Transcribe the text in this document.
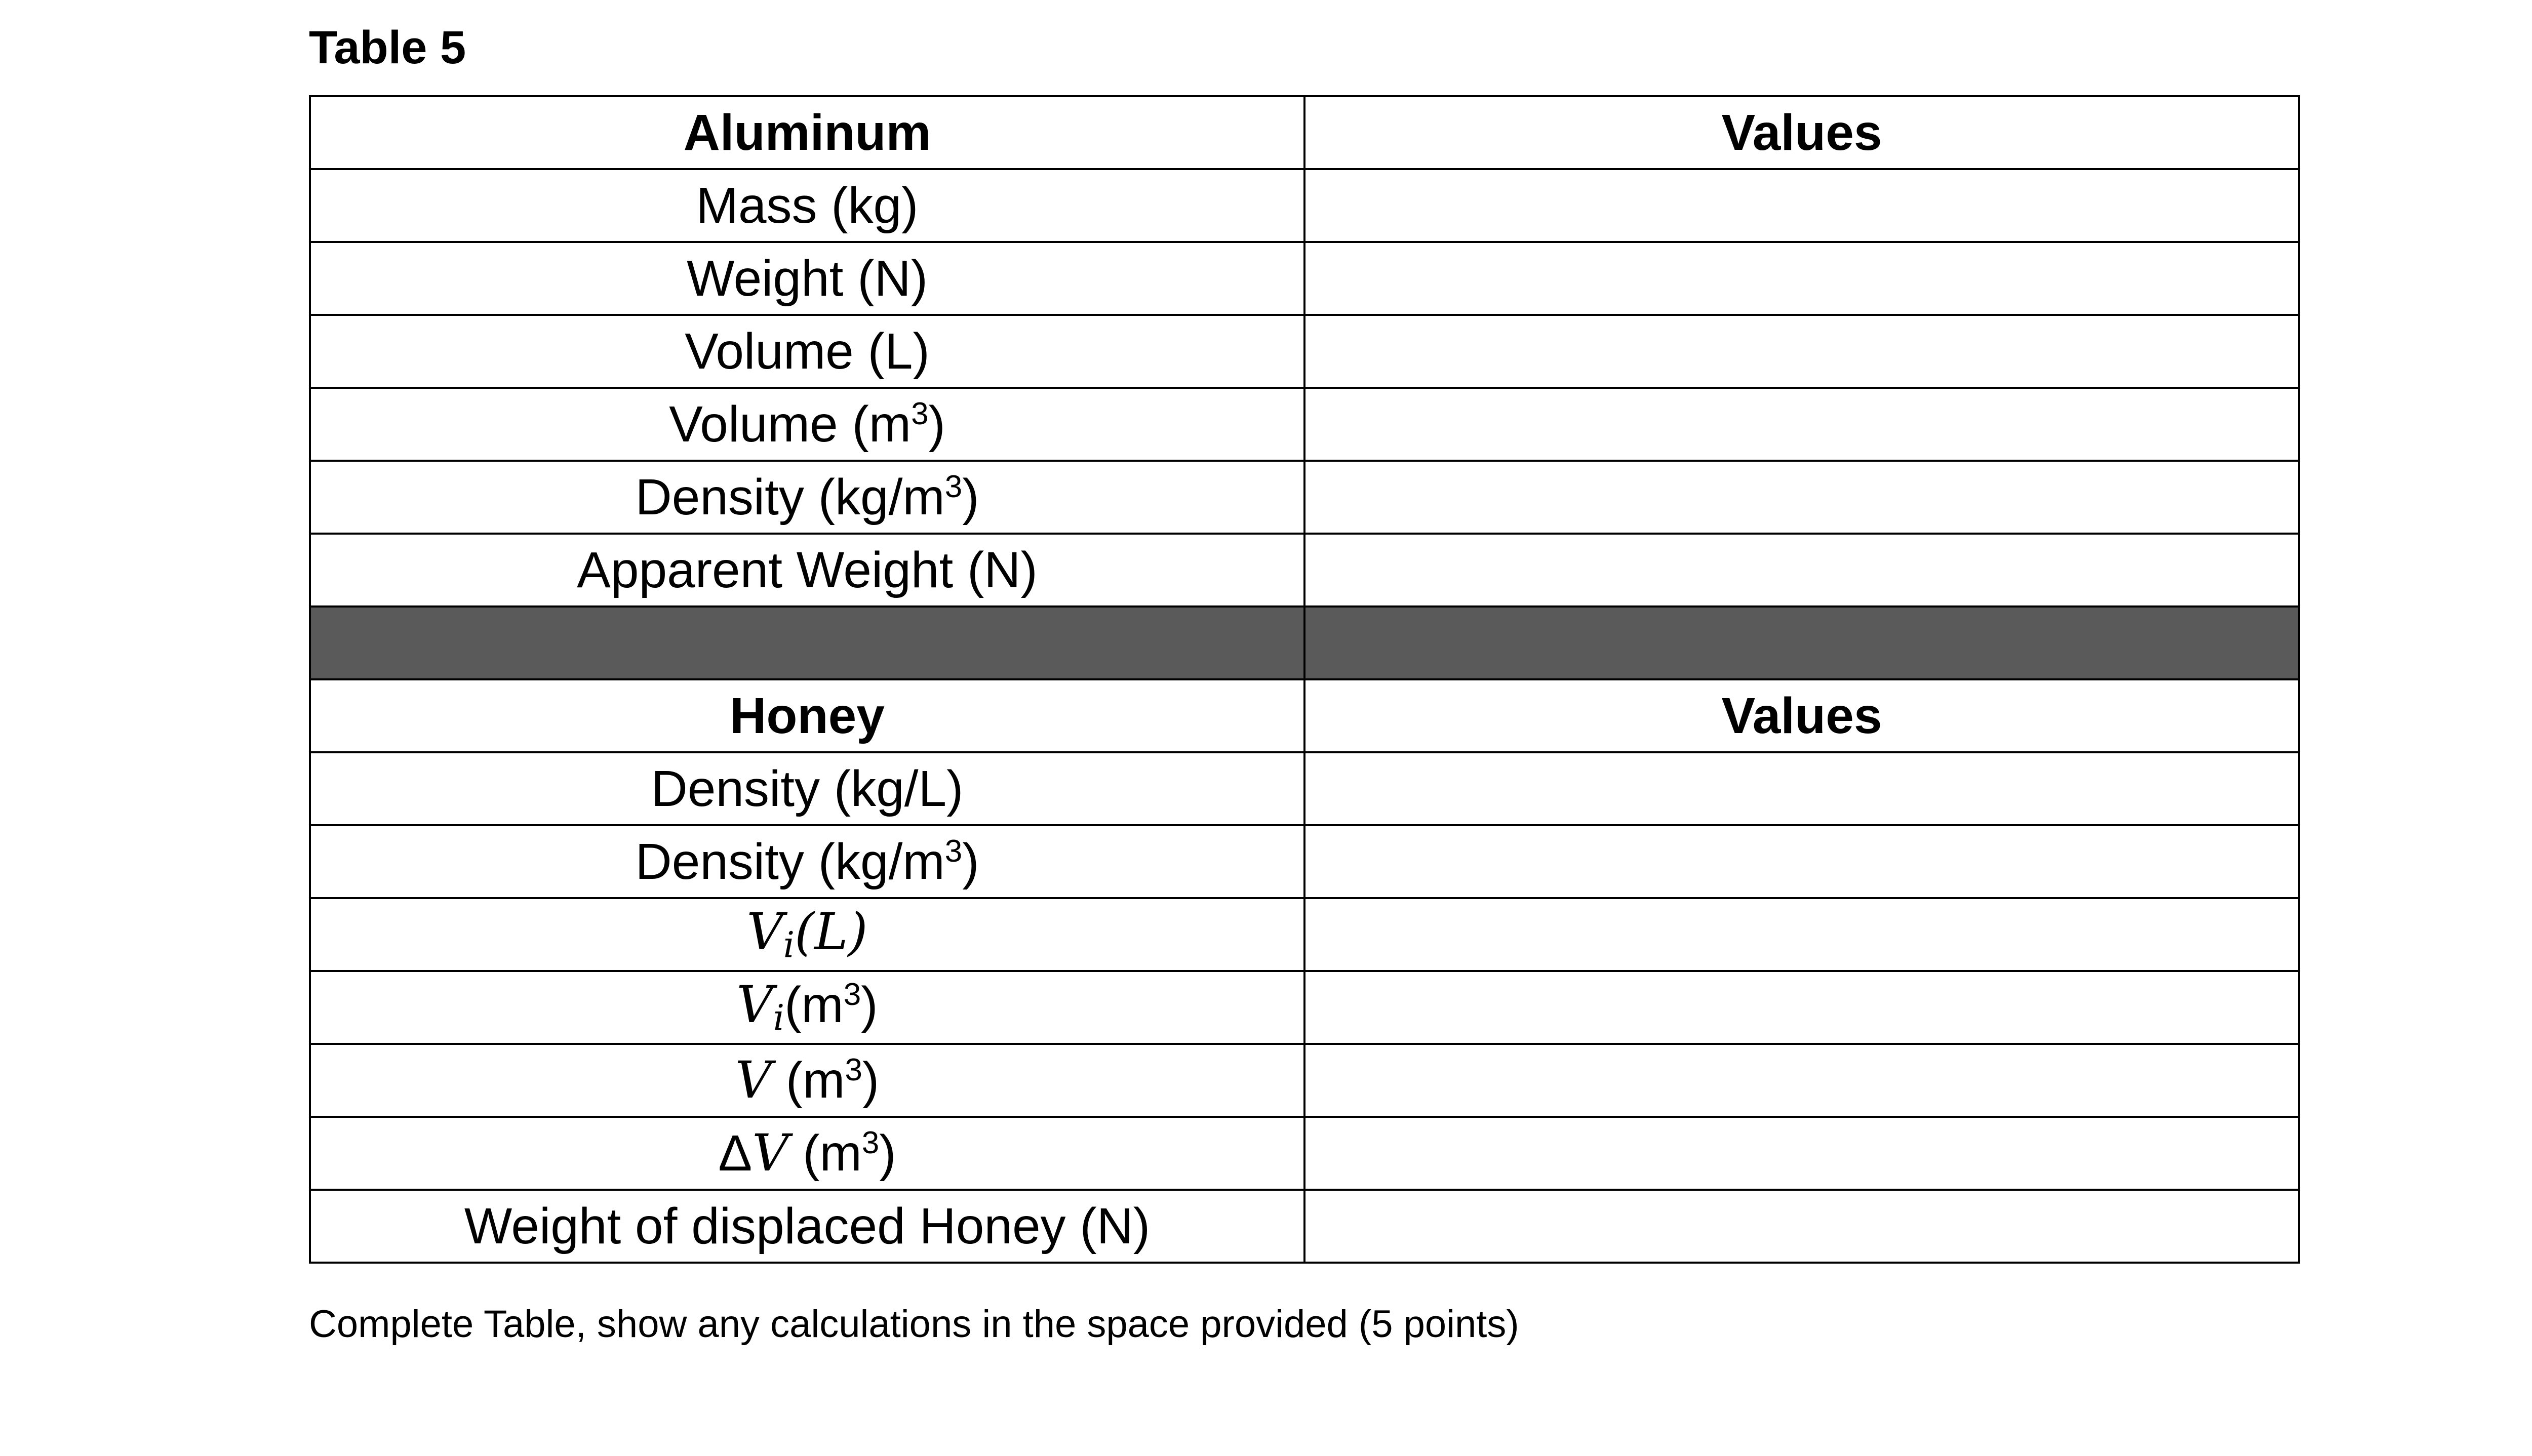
Table 5
Aluminum	Values
Mass (kg)	
Weight (N)	
Volume (L)	
Volume $(m^3)$	
Density $(kg/m^3)$	
Apparent Weight (N)	

Honey	Values
Density (kg/L)	
Density $(kg/m^3)$	
$V_i(L)$	
$V_i(m^3)$	
V $(m^3)$	
ΔV $(m^3)$	
Weight of displaced Honey (N)	
Complete Table, show any calculations in the space provided (5 points)
